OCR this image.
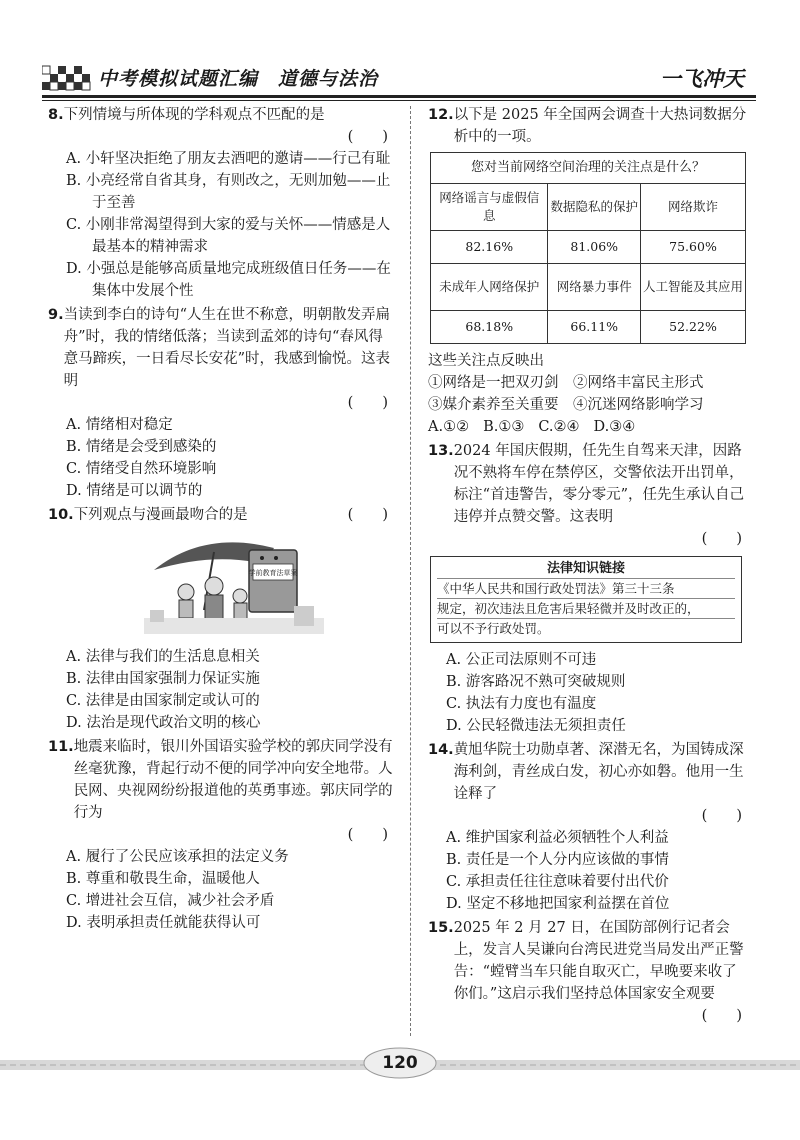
中考模拟试题汇编　道德与法治	一飞冲天
8. 下列情境与所体现的学科观点不匹配的是
(　　)
A. 小轩坚决拒绝了朋友去酒吧的邀请——行己有耻
B. 小亮经常自省其身，有则改之，无则加勉——止于至善
C. 小刚非常渴望得到大家的爱与关怀——情感是人最基本的精神需求
D. 小强总是能够高质量地完成班级值日任务——在集体中发展个性
9. 当读到李白的诗句“人生在世不称意，明朝散发弄扁舟”时，我的情绪低落；当读到孟郊的诗句“春风得意马蹄疾，一日看尽长安花”时，我感到愉悦。这表明
(　　)
A. 情绪相对稳定
B. 情绪是会受到感染的
C. 情绪受自然环境影响
D. 情绪是可以调节的
10. 下列观点与漫画最吻合的是	(　　)
学前教育法草案
A. 法律与我们的生活息息相关
B. 法律由国家强制力保证实施
C. 法律是由国家制定或认可的
D. 法治是现代政治文明的核心
11. 地震来临时，银川外国语实验学校的郭庆同学没有丝毫犹豫，背起行动不便的同学冲向安全地带。人民网、央视网纷纷报道他的英勇事迹。郭庆同学的行为
(　　)
A. 履行了公民应该承担的法定义务
B. 尊重和敬畏生命，温暖他人
C. 增进社会互信，减少社会矛盾
D. 表明承担责任就能获得认可
12. 以下是 2025 年全国两会调查十大热词数据分析中的一项。
您对当前网络空间治理的关注点是什么？		
网络谣言与虚假信息	数据隐私的保护	网络欺诈
82.16%	81.06%	75.60%
未成年人网络保护	网络暴力事件	人工智能及其应用
68.18%	66.11%	52.22%
这些关注点反映出
①网络是一把双刃剑　②网络丰富民主形式
③媒介素养至关重要　④沉迷网络影响学习
A.①② B.①③ C.②④ D.③④
13. 2024 年国庆假期，任先生自驾来天津，因路况不熟将车停在禁停区，交警依法开出罚单，标注“首违警告，零分零元”，任先生承认自己违停并点赞交警。这表明
(　　)
法律知识链接
《中华人民共和国行政处罚法》第三十三条
规定，初次违法且危害后果轻微并及时改正的，
可以不予行政处罚。
A. 公正司法原则不可违
B. 游客路况不熟可突破规则
C. 执法有力度也有温度
D. 公民轻微违法无须担责任
14. 黄旭华院士功勋卓著、深潜无名，为国铸成深海利剑，青丝成白发，初心亦如磐。他用一生诠释了
(　　)
A. 维护国家利益必须牺牲个人利益
B. 责任是一个人分内应该做的事情
C. 承担责任往往意味着要付出代价
D. 坚定不移地把国家利益摆在首位
15. 2025 年 2 月 27 日，在国防部例行记者会上，发言人吴谦向台湾民进党当局发出严正警告：“螳臂当车只能自取灭亡，早晚要来收了你们。”这启示我们坚持总体国家安全观要
(　　)
120
